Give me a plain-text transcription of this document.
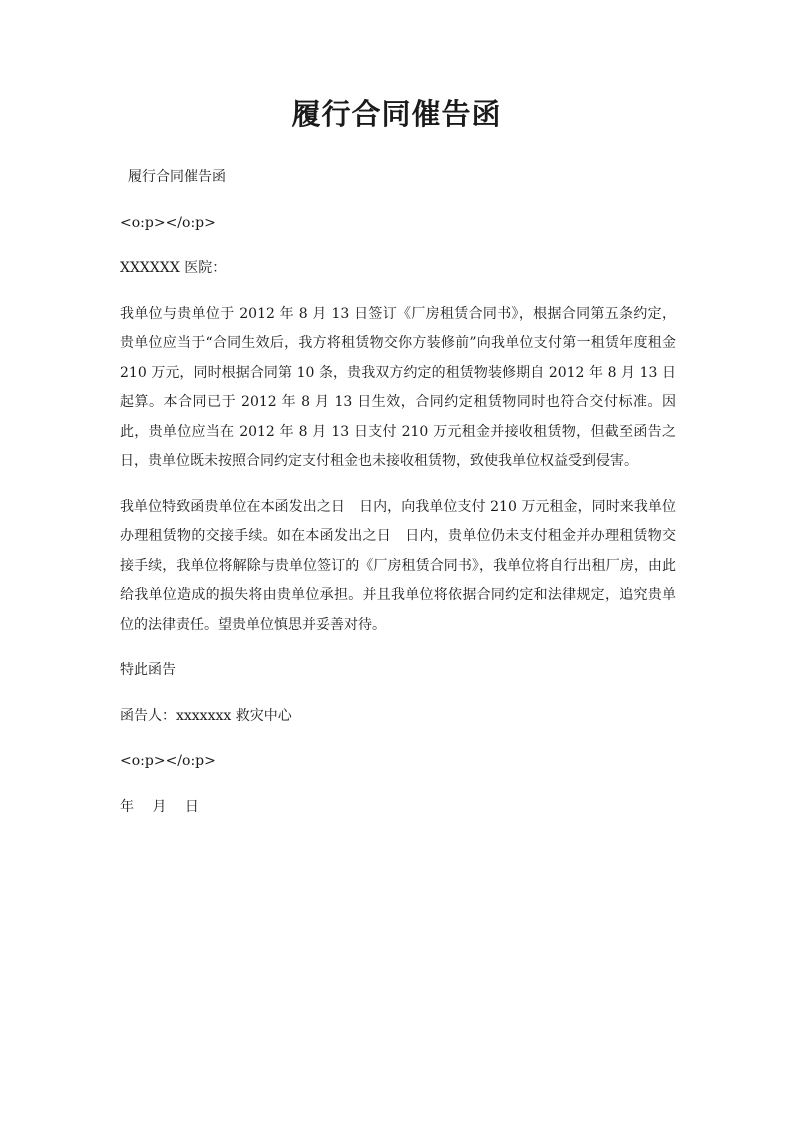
履行合同催告函

履行合同催告函

<o:p></o:p>

XXXXXX 医院：

我单位与贵单位于 2012 年 8 月 13 日签订《厂房租赁合同书》，根据合同第五条约定，贵单位应当于“合同生效后，我方将租赁物交你方装修前”向我单位支付第一租赁年度租金 210 万元，同时根据合同第 10 条，贵我双方约定的租赁物装修期自 2012 年 8 月 13 日起算。本合同已于 2012 年 8 月 13 日生效，合同约定租赁物同时也符合交付标准。因此，贵单位应当在 2012 年 8 月 13 日支付 210 万元租金并接收租赁物，但截至函告之日，贵单位既未按照合同约定支付租金也未接收租赁物，致使我单位权益受到侵害。

我单位特致函贵单位在本函发出之日　日内，向我单位支付 210 万元租金，同时来我单位办理租赁物的交接手续。如在本函发出之日　日内，贵单位仍未支付租金并办理租赁物交接手续，我单位将解除与贵单位签订的《厂房租赁合同书》，我单位将自行出租厂房，由此给我单位造成的损失将由贵单位承担。并且我单位将依据合同约定和法律规定，追究贵单位的法律责任。望贵单位慎思并妥善对待。

特此函告

函告人：xxxxxxx 救灾中心

<o:p></o:p>

年 月 日
